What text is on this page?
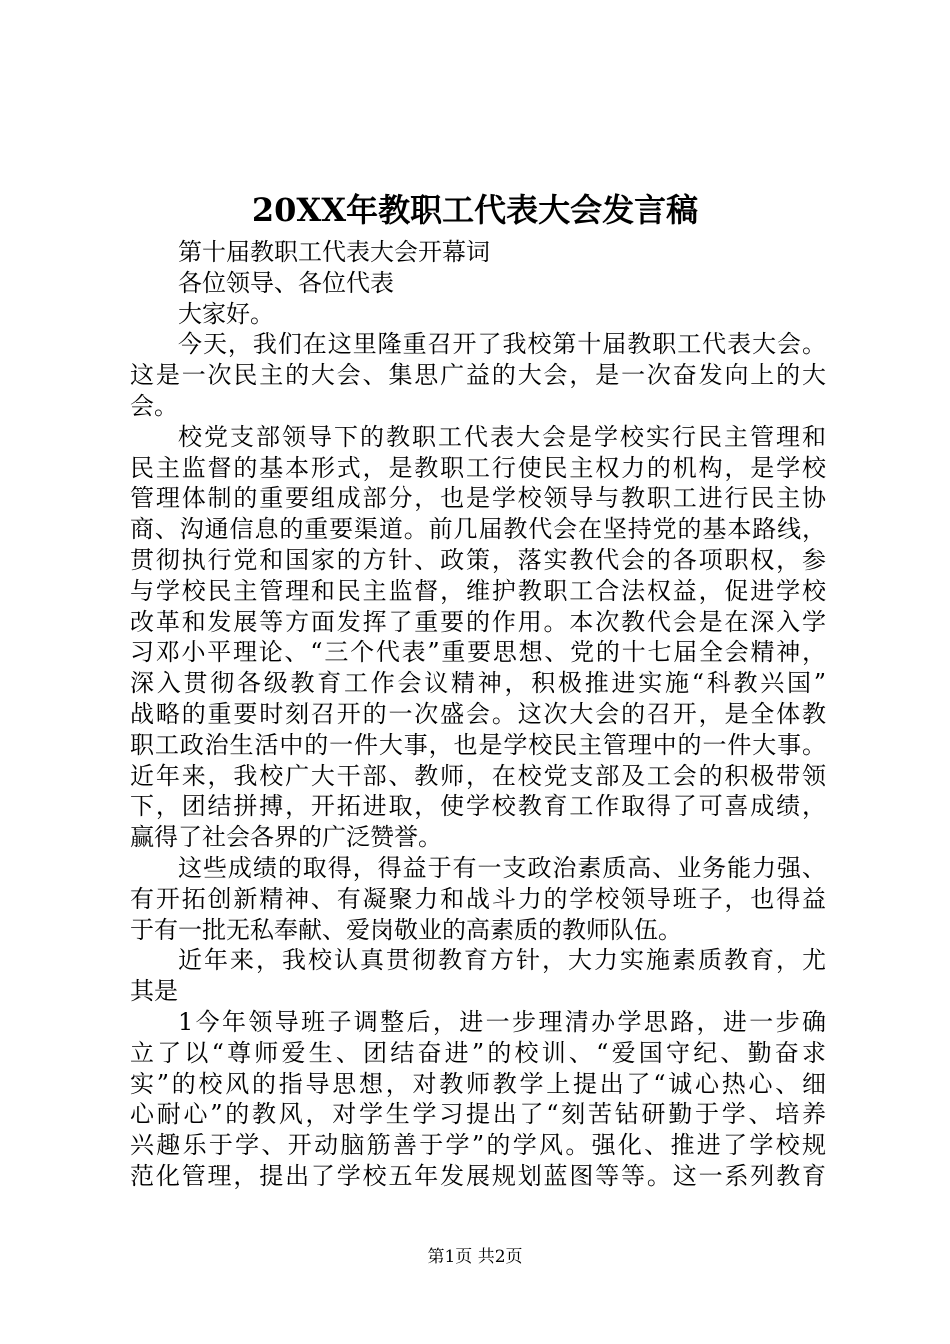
20XX年教职工代表大会发言稿
第十届教职工代表大会开幕词
各位领导、各位代表
大家好。
今天，我们在这里隆重召开了我校第十届教职工代表大会。
这是一次民主的大会、集思广益的大会，是一次奋发向上的大
会。
校党支部领导下的教职工代表大会是学校实行民主管理和
民主监督的基本形式，是教职工行使民主权力的机构，是学校
管理体制的重要组成部分，也是学校领导与教职工进行民主协
商、沟通信息的重要渠道。前几届教代会在坚持党的基本路线，
贯彻执行党和国家的方针、政策，落实教代会的各项职权，参
与学校民主管理和民主监督，维护教职工合法权益，促进学校
改革和发展等方面发挥了重要的作用。本次教代会是在深入学
习邓小平理论、“三个代表”重要思想、党的十七届全会精神，
深入贯彻各级教育工作会议精神，积极推进实施“科教兴国”
战略的重要时刻召开的一次盛会。这次大会的召开，是全体教
职工政治生活中的一件大事，也是学校民主管理中的一件大事。
近年来，我校广大干部、教师，在校党支部及工会的积极带领
下，团结拼搏，开拓进取，使学校教育工作取得了可喜成绩，
赢得了社会各界的广泛赞誉。
这些成绩的取得，得益于有一支政治素质高、业务能力强、
有开拓创新精神、有凝聚力和战斗力的学校领导班子，也得益
于有一批无私奉献、爱岗敬业的高素质的教师队伍。
近年来，我校认真贯彻教育方针，大力实施素质教育，尤
其是
1今年领导班子调整后，进一步理清办学思路，进一步确
立了以“尊师爱生、团结奋进”的校训、“爱国守纪、勤奋求
实”的校风的指导思想，对教师教学上提出了“诚心热心、细
心耐心”的教风，对学生学习提出了“刻苦钻研勤于学、培养
兴趣乐于学、开动脑筋善于学”的学风。强化、推进了学校规
范化管理，提出了学校五年发展规划蓝图等等。这一系列教育
第1页 共2页
